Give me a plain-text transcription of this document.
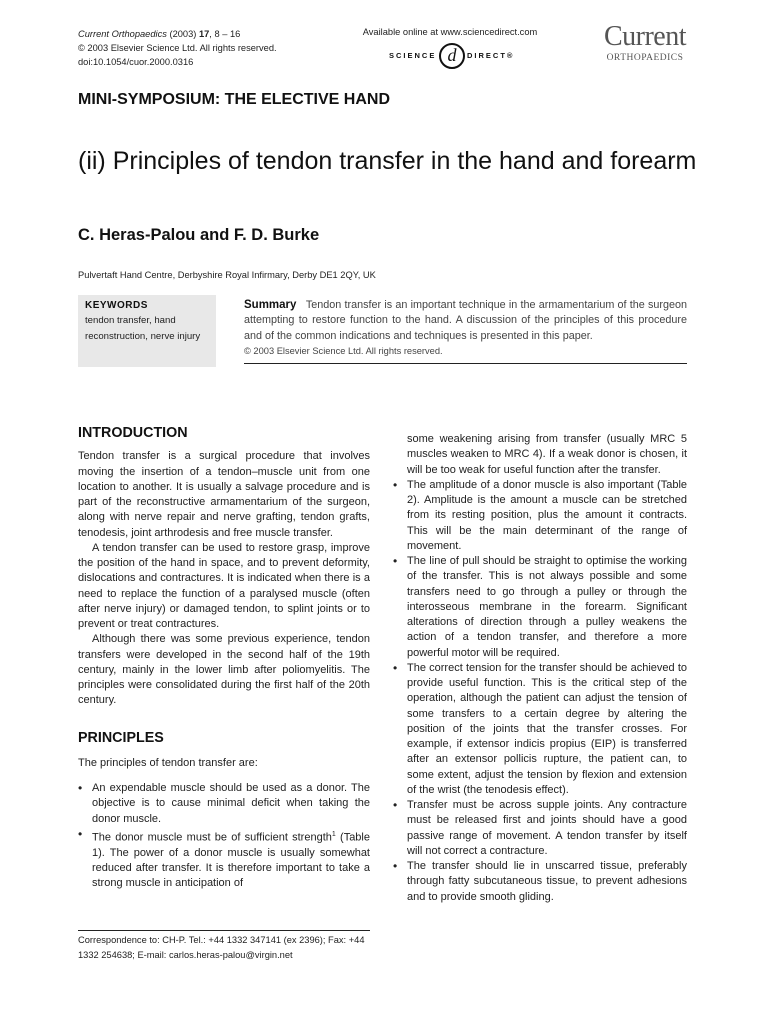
Current Orthopaedics (2003) 17, 8 – 16
© 2003 Elsevier Science Ltd. All rights reserved.
doi:10.1054/cuor.2000.0316
Available online at www.sciencedirect.com
SCIENCE d	DIRECT®
Current
ORTHOPAEDICS
MINI-SYMPOSIUM: THE ELECTIVE HAND
(ii) Principles of tendon transfer in the hand and forearm
C. Heras-Palou and F. D. Burke
Pulvertaft Hand Centre, Derbyshire Royal Infirmary, Derby DE1 2QY, UK
KEYWORDS
tendon transfer, hand reconstruction, nerve injury
Summary Tendon transfer is an important technique in the armamentarium of the surgeon attempting to restore function to the hand. A discussion of the principles of this procedure and of the common indications and techniques is presented in this paper.
© 2003 Elsevier Science Ltd. All rights reserved.
INTRODUCTION

Tendon transfer is a surgical procedure that involves moving the insertion of a tendon–muscle unit from one location to another. It is usually a salvage procedure and is part of the reconstructive armamentarium of the surgeon, along with nerve repair and nerve grafting, tendon grafts, tenodesis, joint arthrodesis and free muscle transfer.

A tendon transfer can be used to restore grasp, improve the position of the hand in space, and to prevent deformity, dislocations and contractures. It is indicated when there is a need to replace the function of a paralysed muscle (often after nerve injury) or damaged tendon, to splint joints or to prevent or treat contractures.

Although there was some previous experience, tendon transfers were developed in the second half of the 19th century, mainly in the lower limb after poliomyelitis. The principles were consolidated during the first half of the 20th century.

PRINCIPLES

The principles of tendon transfer are:

• An expendable muscle should be used as a donor. The objective is to cause minimal deficit when taking the donor muscle.
• The donor muscle must be of sufficient strength$^1$ (Table 1). The power of a donor muscle is usually somewhat reduced after transfer. It is therefore important to take a strong muscle in anticipation of

some weakening arising from transfer (usually MRC 5 muscles weaken to MRC 4). If a weak donor is chosen, it will be too weak for useful function after the transfer.

• The amplitude of a donor muscle is also important (Table 2). Amplitude is the amount a muscle can be stretched from its resting position, plus the amount it contracts. This will be the main determinant of the range of movement.
• The line of pull should be straight to optimise the working of the transfer. This is not always possible and some transfers need to go through a pulley or through the interosseous membrane in the forearm. Significant alterations of direction through a pulley weakens the action of a tendon transfer, and therefore a more powerful motor will be required.
• The correct tension for the transfer should be achieved to provide useful function. This is the critical step of the operation, although the patient can adjust the tension of some transfers to a certain degree by altering the position of the joints that the transfer crosses. For example, if extensor indicis propius (EIP) is transferred after an extensor pollicis rupture, the patient can, to some extent, adjust the tension by flexion and extension of the wrist (the tenodesis effect).
• Transfer must be across supple joints. Any contracture must be released first and joints should have a good passive range of movement. A tendon transfer by itself will not correct a contracture.
• The transfer should lie in unscarred tissue, preferably through fatty subcutaneous tissue, to prevent adhesions and to provide smooth gliding.
Correspondence to: CH-P. Tel.: +44 1332 347141 (ex 2396); Fax: +44 1332 254638; E-mail: carlos.heras-palou@virgin.net
